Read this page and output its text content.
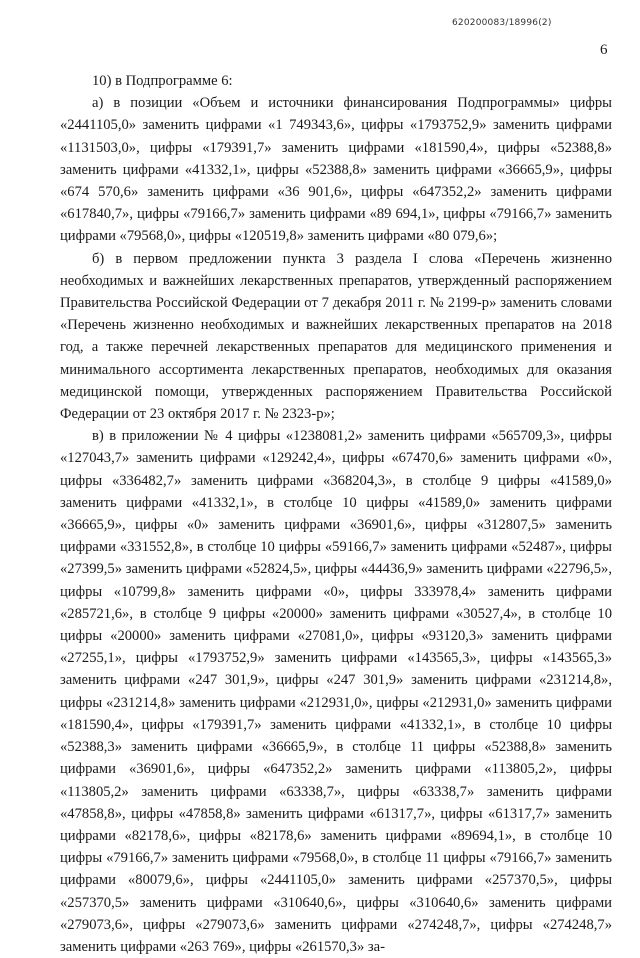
620200083/18996(2)
6

10) в Подпрограмме 6:

а) в позиции «Объем и источники финансирования Подпрограммы» цифры «2441105,0» заменить цифрами «1 749343,6», цифры «1793752,9» заменить цифрами «1131503,0», цифры «179391,7» заменить цифрами «181590,4», цифры «52388,8» заменить цифрами «41332,1», цифры «52388,8» заменить цифрами «36665,9», цифры «674 570,6» заменить цифрами «36 901,6», цифры «647352,2» заменить цифрами «617840,7», цифры «79166,7» заменить цифрами «89 694,1», цифры «79166,7» заменить цифрами «79568,0», цифры «120519,8» заменить цифрами «80 079,6»;

б) в первом предложении пункта 3 раздела I слова «Перечень жизненно необходимых и важнейших лекарственных препаратов, утвержденный распоряжением Правительства Российской Федерации от 7 декабря 2011 г. № 2199-р» заменить словами «Перечень жизненно необходимых и важнейших лекарственных препаратов на 2018 год, а также перечней лекарственных препаратов для медицинского применения и минимального ассортимента лекарственных препаратов, необходимых для оказания медицинской помощи, утвержденных распоряжением Правительства Российской Федерации от 23 октября 2017 г. № 2323-р»;

в) в приложении № 4 цифры «1238081,2» заменить цифрами «565709,3», цифры «127043,7» заменить цифрами «129242,4», цифры «67470,6» заменить цифрами «0», цифры «336482,7» заменить цифрами «368204,3», в столбце 9 цифры «41589,0» заменить цифрами «41332,1», в столбце 10 цифры «41589,0» заменить цифрами «36665,9», цифры «0» заменить цифрами «36901,6», цифры «312807,5» заменить цифрами «331552,8», в столбце 10 цифры «59166,7» заменить цифрами «52487», цифры «27399,5» заменить цифрами «52824,5», цифры «44436,9» заменить цифрами «22796,5», цифры «10799,8» заменить цифрами «0», цифры 333978,4» заменить цифрами «285721,6», в столбце 9 цифры «20000» заменить цифрами «30527,4», в столбце 10 цифры «20000» заменить цифрами «27081,0», цифры «93120,3» заменить цифрами «27255,1», цифры «1793752,9» заменить цифрами «143565,3», цифры «143565,3» заменить цифрами «247 301,9», цифры «247 301,9» заменить цифрами «231214,8», цифры «231214,8» заменить цифрами «212931,0», цифры «212931,0» заменить цифрами «181590,4», цифры «179391,7» заменить цифрами «41332,1», в столбце 10 цифры «52388,3» заменить цифрами «36665,9», в столбце 11 цифры «52388,8» заменить цифрами «36901,6», цифры «647352,2» заменить цифрами «113805,2», цифры «113805,2» заменить цифрами «63338,7», цифры «63338,7» заменить цифрами «47858,8», цифры «47858,8» заменить цифрами «61317,7», цифры «61317,7» заменить цифрами «82178,6», цифры «82178,6» заменить цифрами «89694,1», в столбце 10 цифры «79166,7» заменить цифрами «79568,0», в столбце 11 цифры «79166,7» заменить цифрами «80079,6», цифры «2441105,0» заменить цифрами «257370,5», цифры «257370,5» заменить цифрами «310640,6», цифры «310640,6» заменить цифрами «279073,6», цифры «279073,6» заменить цифрами «274248,7», цифры «274248,7» заменить цифрами «263 769», цифры «261570,3» за-
